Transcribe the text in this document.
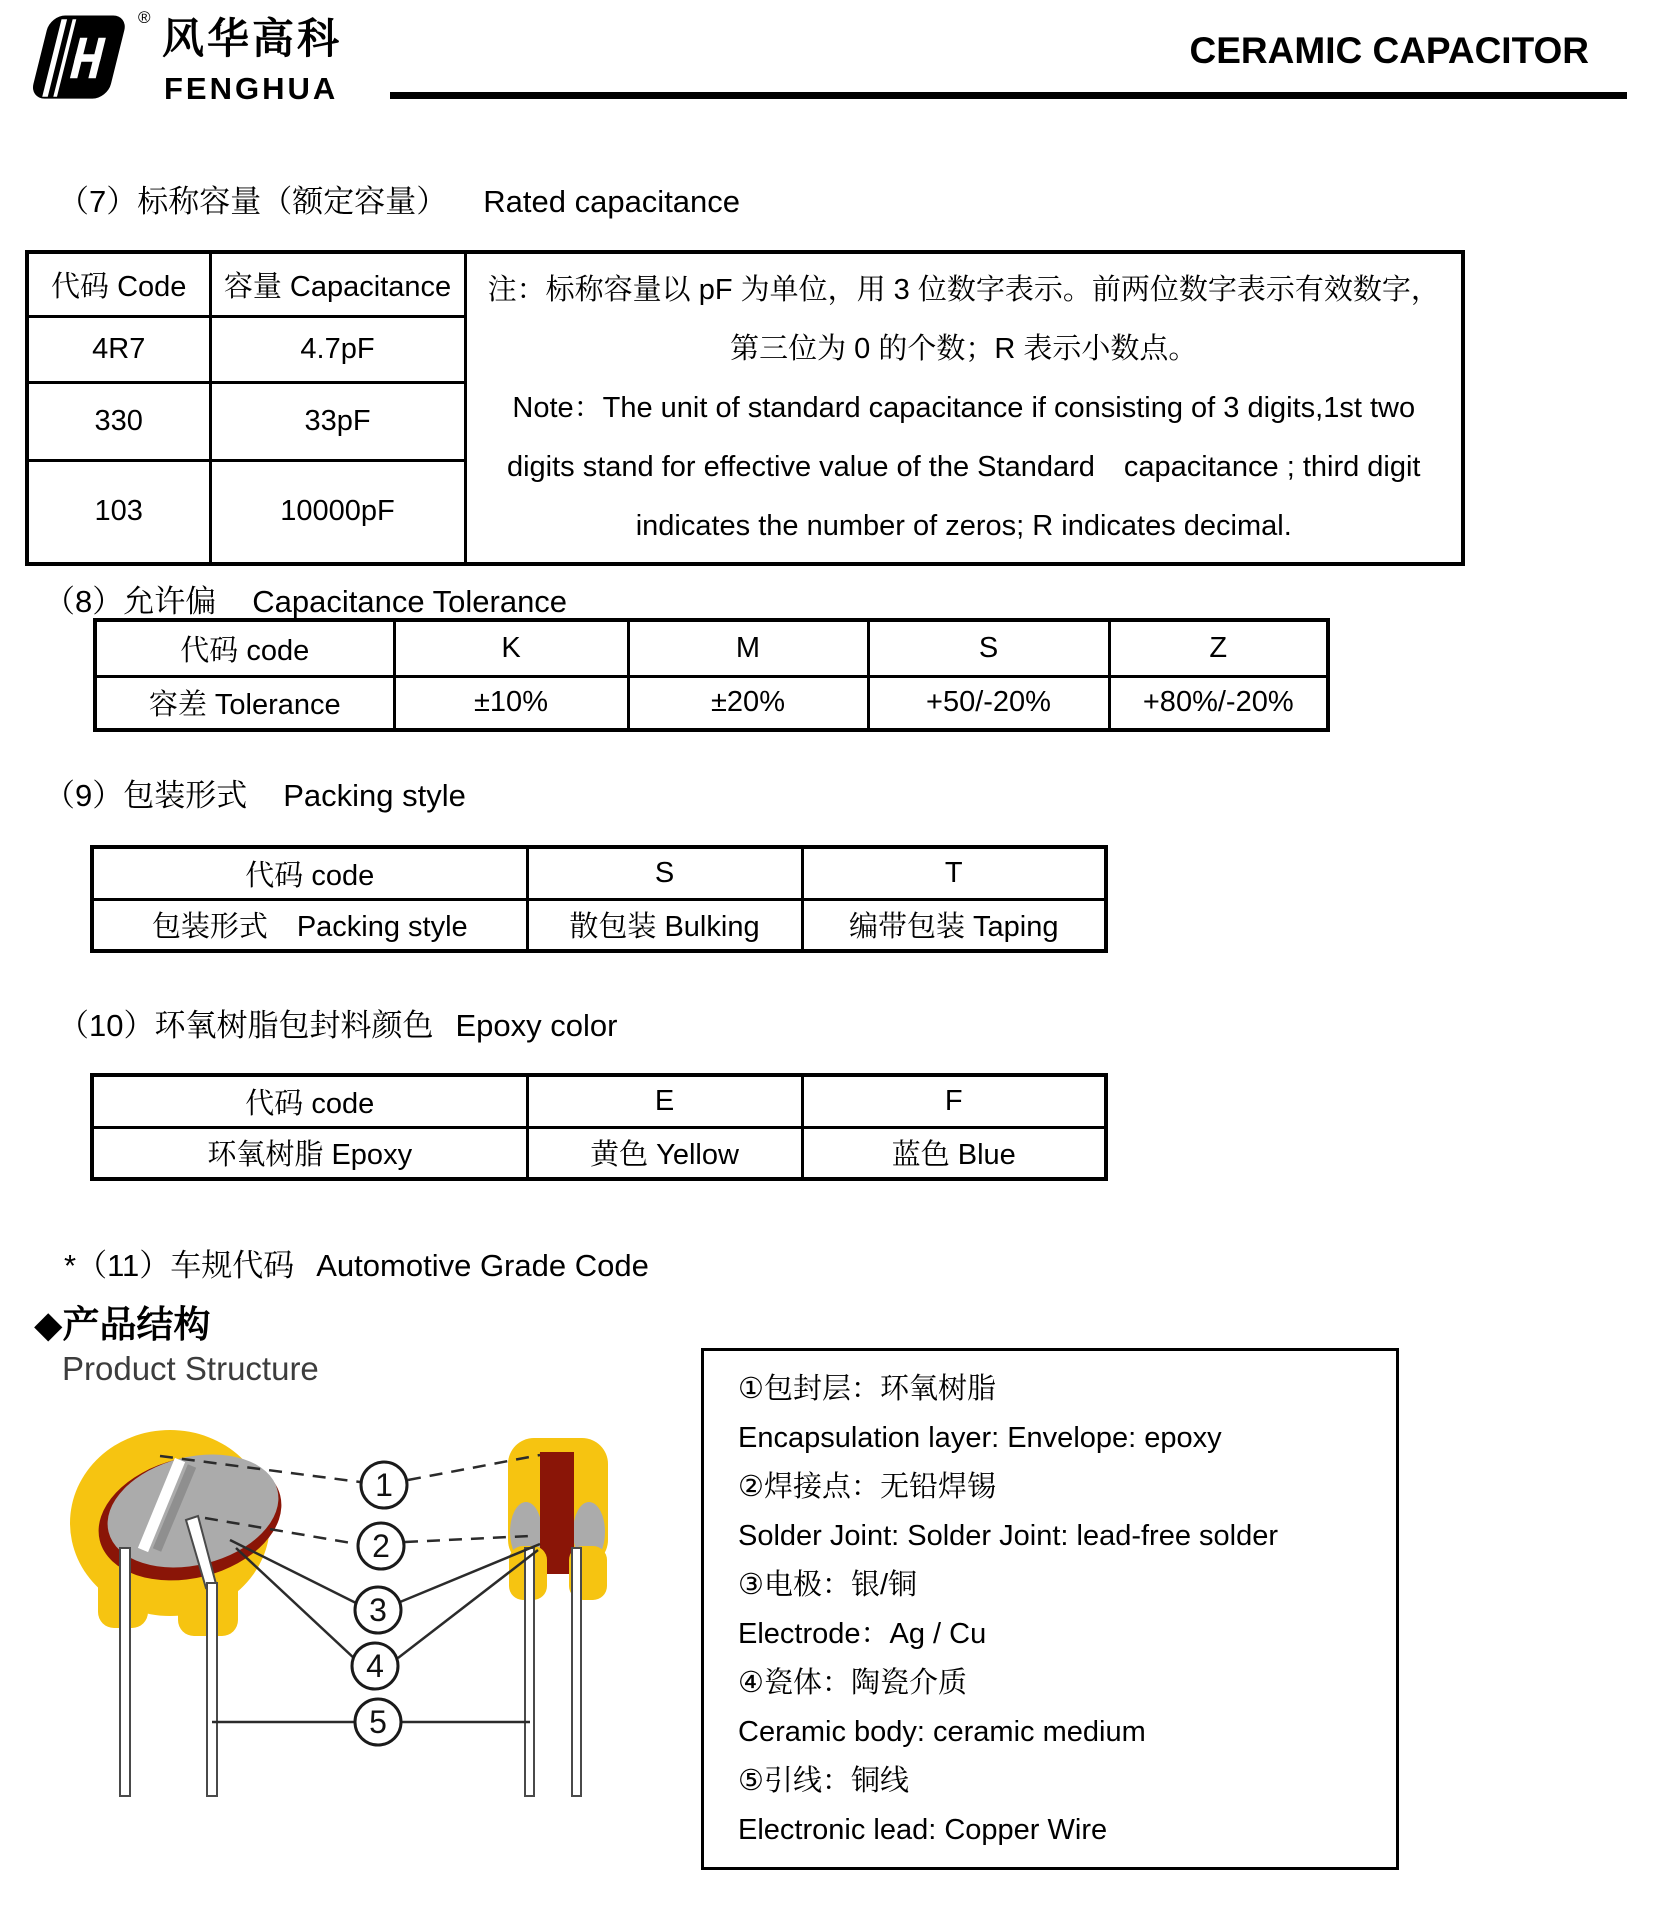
® 风华高科
FENGHUA
CERAMIC CAPACITOR
（7）标称容量（额定容量） Rated capacitance
代码 Code	容量 Capacitance	注：标称容量以 pF 为单位，用 3 位数字表示。前两位数字表示有效数字，
第三位为 0 的个数；R 表示小数点。
Note：The unit of standard capacitance if consisting of 3 digits,1st two
digits stand for effective value of the Standard　capacitance ; third digit
indicates the number of zeros; R indicates decimal.

4R7	4.7pF	
330	33pF	
103	10000pF	
（8）允许偏 Capacitance Tolerance
代码 code	K	M	S	Z
容差 Tolerance	±10%	±20%	+50/-20%	+80%/-20%
（9）包装形式 Packing style
代码 code	S	T
包装形式　Packing style	散包装 Bulking	编带包装 Taping
（10）环氧树脂包封料颜色 Epoxy color
代码 code	E	F
环氧树脂 Epoxy	黄色 Yellow	蓝色 Blue
*（11）车规代码 Automotive Grade Code
◆产品结构
Product Structure
1
2
3
4
5
①包封层：环氧树脂
Encapsulation layer: Envelope: epoxy
②焊接点：无铅焊锡
Solder Joint: Solder Joint: lead-free solder
③电极：银/铜
Electrode：Ag / Cu
④瓷体：陶瓷介质
Ceramic body: ceramic medium
⑤引线：铜线
Electronic lead: Copper Wire
